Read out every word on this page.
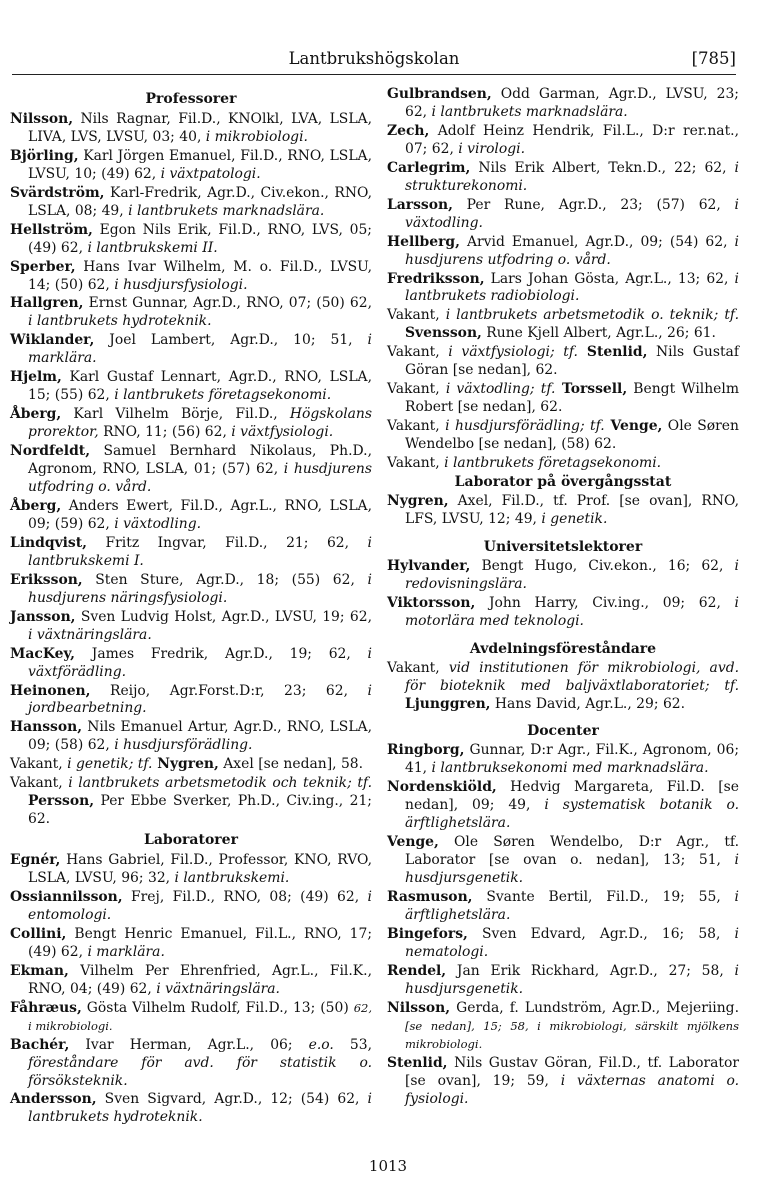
Lantbrukshögskolan	[785]
Professorer

Nilsson, Nils Ragnar, Fil.D., KNOlkl, LVA, LSLA, LIVA, LVS, LVSU, 03; 40, i mikrobiologi.

Björling, Karl Jörgen Emanuel, Fil.D., RNO, LSLA, LVSU, 10; (49) 62, i växtpatologi.

Svärdström, Karl-Fredrik, Agr.D., Civ.ekon., RNO, LSLA, 08; 49, i lantbrukets marknadslära.

Hellström, Egon Nils Erik, Fil.D., RNO, LVS, 05; (49) 62, i lantbrukskemi II.

Sperber, Hans Ivar Wilhelm, M. o. Fil.D., LVSU, 14; (50) 62, i husdjursfysiologi.

Hallgren, Ernst Gunnar, Agr.D., RNO, 07; (50) 62, i lantbrukets hydroteknik.

Wiklander, Joel Lambert, Agr.D., 10; 51, i marklära.

Hjelm, Karl Gustaf Lennart, Agr.D., RNO, LSLA, 15; (55) 62, i lantbrukets företagsekonomi.

Åberg, Karl Vilhelm Börje, Fil.D., Högskolans prorektor, RNO, 11; (56) 62, i växtfysiologi.

Nordfeldt, Samuel Bernhard Nikolaus, Ph.D., Agronom, RNO, LSLA, 01; (57) 62, i husdjurens utfodring o. vård.

Åberg, Anders Ewert, Fil.D., Agr.L., RNO, LSLA, 09; (59) 62, i växtodling.

Lindqvist, Fritz Ingvar, Fil.D., 21; 62, i lantbrukskemi I.

Eriksson, Sten Sture, Agr.D., 18; (55) 62, i husdjurens näringsfysiologi.

Jansson, Sven Ludvig Holst, Agr.D., LVSU, 19; 62, i växtnäringslära.

MacKey, James Fredrik, Agr.D., 19; 62, i växtförädling.

Heinonen, Reijo, Agr.Forst.D:r, 23; 62, i jordbearbetning.

Hansson, Nils Emanuel Artur, Agr.D., RNO, LSLA, 09; (58) 62, i husdjursförädling.

Vakant, i genetik; tf. Nygren, Axel [se nedan], 58.

Vakant, i lantbrukets arbetsmetodik och teknik; tf. Persson, Per Ebbe Sverker, Ph.D., Civ.ing., 21; 62.

Laboratorer

Egnér, Hans Gabriel, Fil.D., Professor, KNO, RVO, LSLA, LVSU, 96; 32, i lantbrukskemi.

Ossiannilsson, Frej, Fil.D., RNO, 08; (49) 62, i entomologi.

Collini, Bengt Henric Emanuel, Fil.L., RNO, 17; (49) 62, i marklära.

Ekman, Vilhelm Per Ehrenfried, Agr.L., Fil.K., RNO, 04; (49) 62, i växtnäringslära.

Fåhræus, Gösta Vilhelm Rudolf, Fil.D., 13; (50) 62, i mikrobiologi.

Bachér, Ivar Herman, Agr.L., 06; e.o. 53, föreståndare för avd. för statistik o. försöksteknik.

Andersson, Sven Sigvard, Agr.D., 12; (54) 62, i lantbrukets hydroteknik.

Gulbrandsen, Odd Garman, Agr.D., LVSU, 23; 62, i lantbrukets marknadslära.

Zech, Adolf Heinz Hendrik, Fil.L., D:r rer.nat., 07; 62, i virologi.

Carlegrim, Nils Erik Albert, Tekn.D., 22; 62, i strukturekonomi.

Larsson, Per Rune, Agr.D., 23; (57) 62, i växtodling.

Hellberg, Arvid Emanuel, Agr.D., 09; (54) 62, i husdjurens utfodring o. vård.

Fredriksson, Lars Johan Gösta, Agr.L., 13; 62, i lantbrukets radiobiologi.

Vakant, i lantbrukets arbetsmetodik o. teknik; tf. Svensson, Rune Kjell Albert, Agr.L., 26; 61.

Vakant, i växtfysiologi; tf. Stenlid, Nils Gustaf Göran [se nedan], 62.

Vakant, i växtodling; tf. Torssell, Bengt Wilhelm Robert [se nedan], 62.

Vakant, i husdjursförädling; tf. Venge, Ole Søren Wendelbo [se nedan], (58) 62.

Vakant, i lantbrukets företagsekonomi.

Laborator på övergångsstat

Nygren, Axel, Fil.D., tf. Prof. [se ovan], RNO, LFS, LVSU, 12; 49, i genetik.

Universitetslektorer

Hylvander, Bengt Hugo, Civ.ekon., 16; 62, i redovisningslära.

Viktorsson, John Harry, Civ.ing., 09; 62, i motorlära med teknologi.

Avdelningsföreståndare

Vakant, vid institutionen för mikrobiologi, avd. för bioteknik med baljväxtlaboratoriet; tf. Ljunggren, Hans David, Agr.L., 29; 62.

Docenter

Ringborg, Gunnar, D:r Agr., Fil.K., Agronom, 06; 41, i lantbruksekonomi med marknadslära.

Nordenskiöld, Hedvig Margareta, Fil.D. [se nedan], 09; 49, i systematisk botanik o. ärftlighetslära.

Venge, Ole Søren Wendelbo, D:r Agr., tf. Laborator [se ovan o. nedan], 13; 51, i husdjursgenetik.

Rasmuson, Svante Bertil, Fil.D., 19; 55, i ärftlighetslära.

Bingefors, Sven Edvard, Agr.D., 16; 58, i nematologi.

Rendel, Jan Erik Rickhard, Agr.D., 27; 58, i husdjursgenetik.

Nilsson, Gerda, f. Lundström, Agr.D., Mejeriing. [se nedan], 15; 58, i mikrobiologi, särskilt mjölkens mikrobiologi.

Stenlid, Nils Gustav Göran, Fil.D., tf. Laborator [se ovan], 19; 59, i växternas anatomi o. fysiologi.

1013
